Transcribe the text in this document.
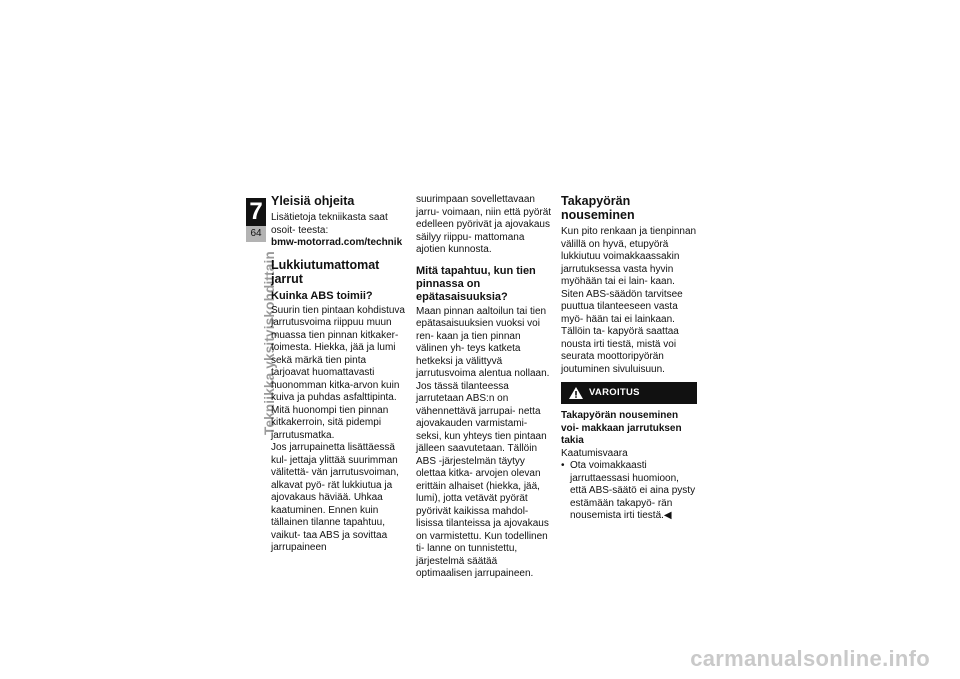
7
64
Tekniikka yksityiskohdittain
Yleisiä ohjeita

Lisätietoja tekniikasta saat osoit- teesta:

bmw-motorrad.com/technik

Lukkiutumattomat jarrut
Kuinka ABS toimii?

Suurin tien pintaan kohdistuva jarrutusvoima riippuu muun muassa tien pinnan kitkaker- toimesta. Hiekka, jää ja lumi sekä märkä tien pinta tarjoavat huomattavasti huonomman kitka-arvon kuin kuiva ja puhdas asfalttipinta. Mitä huonompi tien pinnan kitkakerroin, sitä pidempi jarrutusmatka.

Jos jarrupainetta lisättäessä kul- jettaja ylittää suurimman välitettä- vän jarrutusvoiman, alkavat pyö- rät lukkiutua ja ajovakaus häviää. Uhkaa kaatuminen. Ennen kuin tällainen tilanne tapahtuu, vaikut- taa ABS ja sovittaa jarrupaineen

suurimpaan sovellettavaan jarru- voimaan, niin että pyörät edelleen pyörivät ja ajovakaus säilyy riippu- mattomana ajotien kunnosta.

Mitä tapahtuu, kun tien pinnassa on epätasaisuuksia?

Maan pinnan aaltoilun tai tien epätasaisuuksien vuoksi voi ren- kaan ja tien pinnan välinen yh- teys katketa hetkeksi ja välittyvä jarrutusvoima alentua nollaan.

Jos tässä tilanteessa jarrutetaan ABS:n on vähennettävä jarrupai- netta ajovakauden varmistami- seksi, kun yhteys tien pintaan jälleen saavutetaan. Tällöin ABS -järjestelmän täytyy olettaa kitka- arvojen olevan erittäin alhaiset (hiekka, jää, lumi), jotta vetävät pyörät pyörivät kaikissa mahdol- lisissa tilanteissa ja ajovakaus on varmistettu. Kun todellinen ti- lanne on tunnistettu, järjestelmä säätää optimaalisen jarrupaineen.

Takapyörän nouseminen

Kun pito renkaan ja tienpinnan välillä on hyvä, etupyörä lukkiutuu voimakkaassakin jarrutuksessa vasta hyvin myöhään tai ei lain- kaan. Siten ABS-säädön tarvitsee puuttua tilanteeseen vasta myö- hään tai ei lainkaan. Tällöin ta- kapyörä saattaa nousta irti tiestä, mistä voi seurata moottoripyörän joutuminen sivuluisuun.

VAROITUS

Takapyörän nouseminen voi- makkaan jarrutuksen takia

Kaatumisvaara

• Ota voimakkaasti jarruttaessasi huomioon, että ABS-säätö ei aina pysty estämään takapyö- rän nousemista irti tiestä.◀
carmanualsonline.info
